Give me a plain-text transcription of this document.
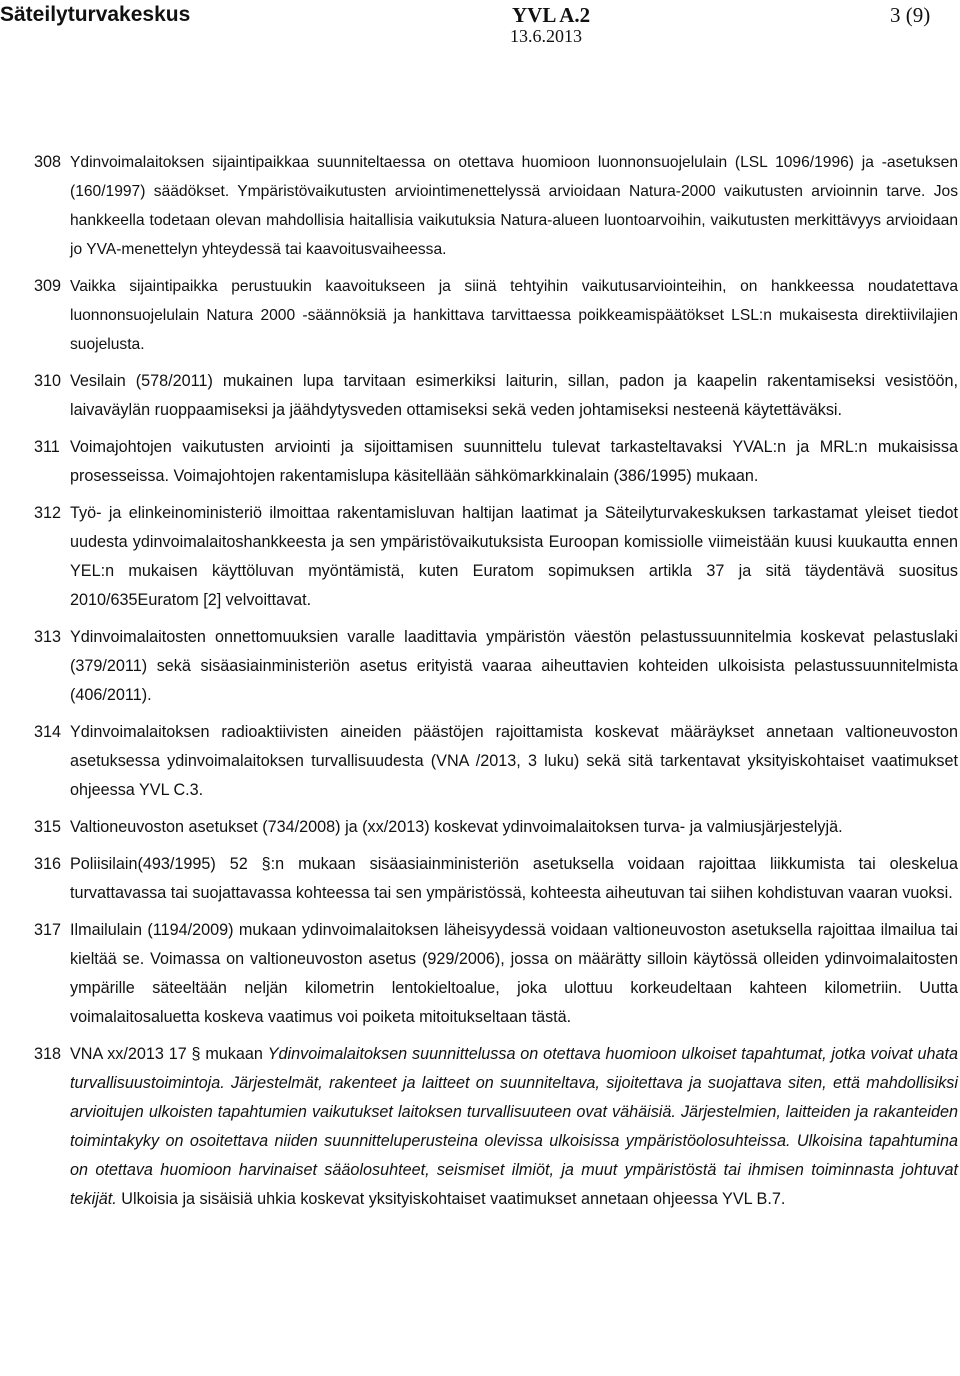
Säteilyturvakeskus	YVL A.2
13.6.2013
3 (9)
308 Ydinvoimalaitoksen sijaintipaikkaa suunniteltaessa on otettava huomioon luonnonsuojelulain (LSL 1096/1996) ja -asetuksen (160/1997) säädökset. Ympäristövaikutusten arviointimenettelyssä arvioidaan Natura-2000 vaikutusten arvioinnin tarve. Jos hankkeella todetaan olevan mahdollisia haitallisia vaikutuksia Natura-alueen luontoarvoihin, vaikutusten merkittävyys arvioidaan jo YVA-menettelyn yhteydessä tai kaavoitusvaiheessa.
309 Vaikka sijaintipaikka perustuukin kaavoitukseen ja siinä tehtyihin vaikutusarviointeihin, on hankkeessa noudatettava luonnonsuojelulain Natura 2000 -säännöksiä ja hankittava tarvittaessa poikkeamispäätökset LSL:n mukaisesta direktiivilajien suojelusta.
310 Vesilain (578/2011) mukainen lupa tarvitaan esimerkiksi laiturin, sillan, padon ja kaapelin rakentamiseksi vesistöön, laivaväylän ruoppaamiseksi ja jäähdytysveden ottamiseksi sekä veden johtamiseksi nesteenä käytettäväksi.
311 Voimajohtojen vaikutusten arviointi ja sijoittamisen suunnittelu tulevat tarkasteltavaksi YVAL:n ja MRL:n mukaisissa prosesseissa. Voimajohtojen rakentamislupa käsitellään sähkömarkkinalain (386/1995) mukaan.
312 Työ- ja elinkeinoministeriö ilmoittaa rakentamisluvan haltijan laatimat ja Säteilyturvakeskuksen tarkastamat yleiset tiedot uudesta ydinvoimalaitoshankkeesta ja sen ympäristövaikutuksista Euroopan komissiolle viimeistään kuusi kuukautta ennen YEL:n mukaisen käyttöluvan myöntämistä, kuten Euratom sopimuksen artikla 37 ja sitä täydentävä suositus 2010/635Euratom [2] velvoittavat.
313 Ydinvoimalaitosten onnettomuuksien varalle laadittavia ympäristön väestön pelastussuunnitelmia koskevat pelastuslaki (379/2011) sekä sisäasiainministeriön asetus erityistä vaaraa aiheuttavien kohteiden ulkoisista pelastussuunnitelmista (406/2011).
314 Ydinvoimalaitoksen radioaktiivisten aineiden päästöjen rajoittamista koskevat määräykset annetaan valtioneuvoston asetuksessa ydinvoimalaitoksen turvallisuudesta (VNA /2013, 3 luku) sekä sitä tarkentavat yksityiskohtaiset vaatimukset ohjeessa YVL C.3.
315 Valtioneuvoston asetukset (734/2008) ja (xx/2013) koskevat ydinvoimalaitoksen turva- ja valmiusjärjestelyjä.
316 Poliisilain(493/1995) 52 §:n mukaan sisäasiainministeriön asetuksella voidaan rajoittaa liikkumista tai oleskelua turvattavassa tai suojattavassa kohteessa tai sen ympäristössä, kohteesta aiheutuvan tai siihen kohdistuvan vaaran vuoksi.
317 Ilmailulain (1194/2009) mukaan ydinvoimalaitoksen läheisyydessä voidaan valtioneuvoston asetuksella rajoittaa ilmailua tai kieltää se. Voimassa on valtioneuvoston asetus (929/2006), jossa on määrätty silloin käytössä olleiden ydinvoimalaitosten ympärille säteeltään neljän kilometrin lentokieltoalue, joka ulottuu korkeudeltaan kahteen kilometriin. Uutta voimalaitosaluetta koskeva vaatimus voi poiketa mitoitukseltaan tästä.
318 VNA xx/2013 17 § mukaan Ydinvoimalaitoksen suunnittelussa on otettava huomioon ulkoiset tapahtumat, jotka voivat uhata turvallisuustoimintoja. Järjestelmät, rakenteet ja laitteet on suunniteltava, sijoitettava ja suojattava siten, että mahdollisiksi arvioitujen ulkoisten tapahtumien vaikutukset laitoksen turvallisuuteen ovat vähäisiä. Järjestelmien, laitteiden ja rakanteiden toimintakyky on osoitettava niiden suunnitteluperusteina olevissa ulkoisissa ympäristöolosuhteissa. Ulkoisina tapahtumina on otettava huomioon harvinaiset sääolosuhteet, seismiset ilmiöt, ja muut ympäristöstä tai ihmisen toiminnasta johtuvat tekijät. Ulkoisia ja sisäisiä uhkia koskevat yksityiskohtaiset vaatimukset annetaan ohjeessa YVL B.7.
